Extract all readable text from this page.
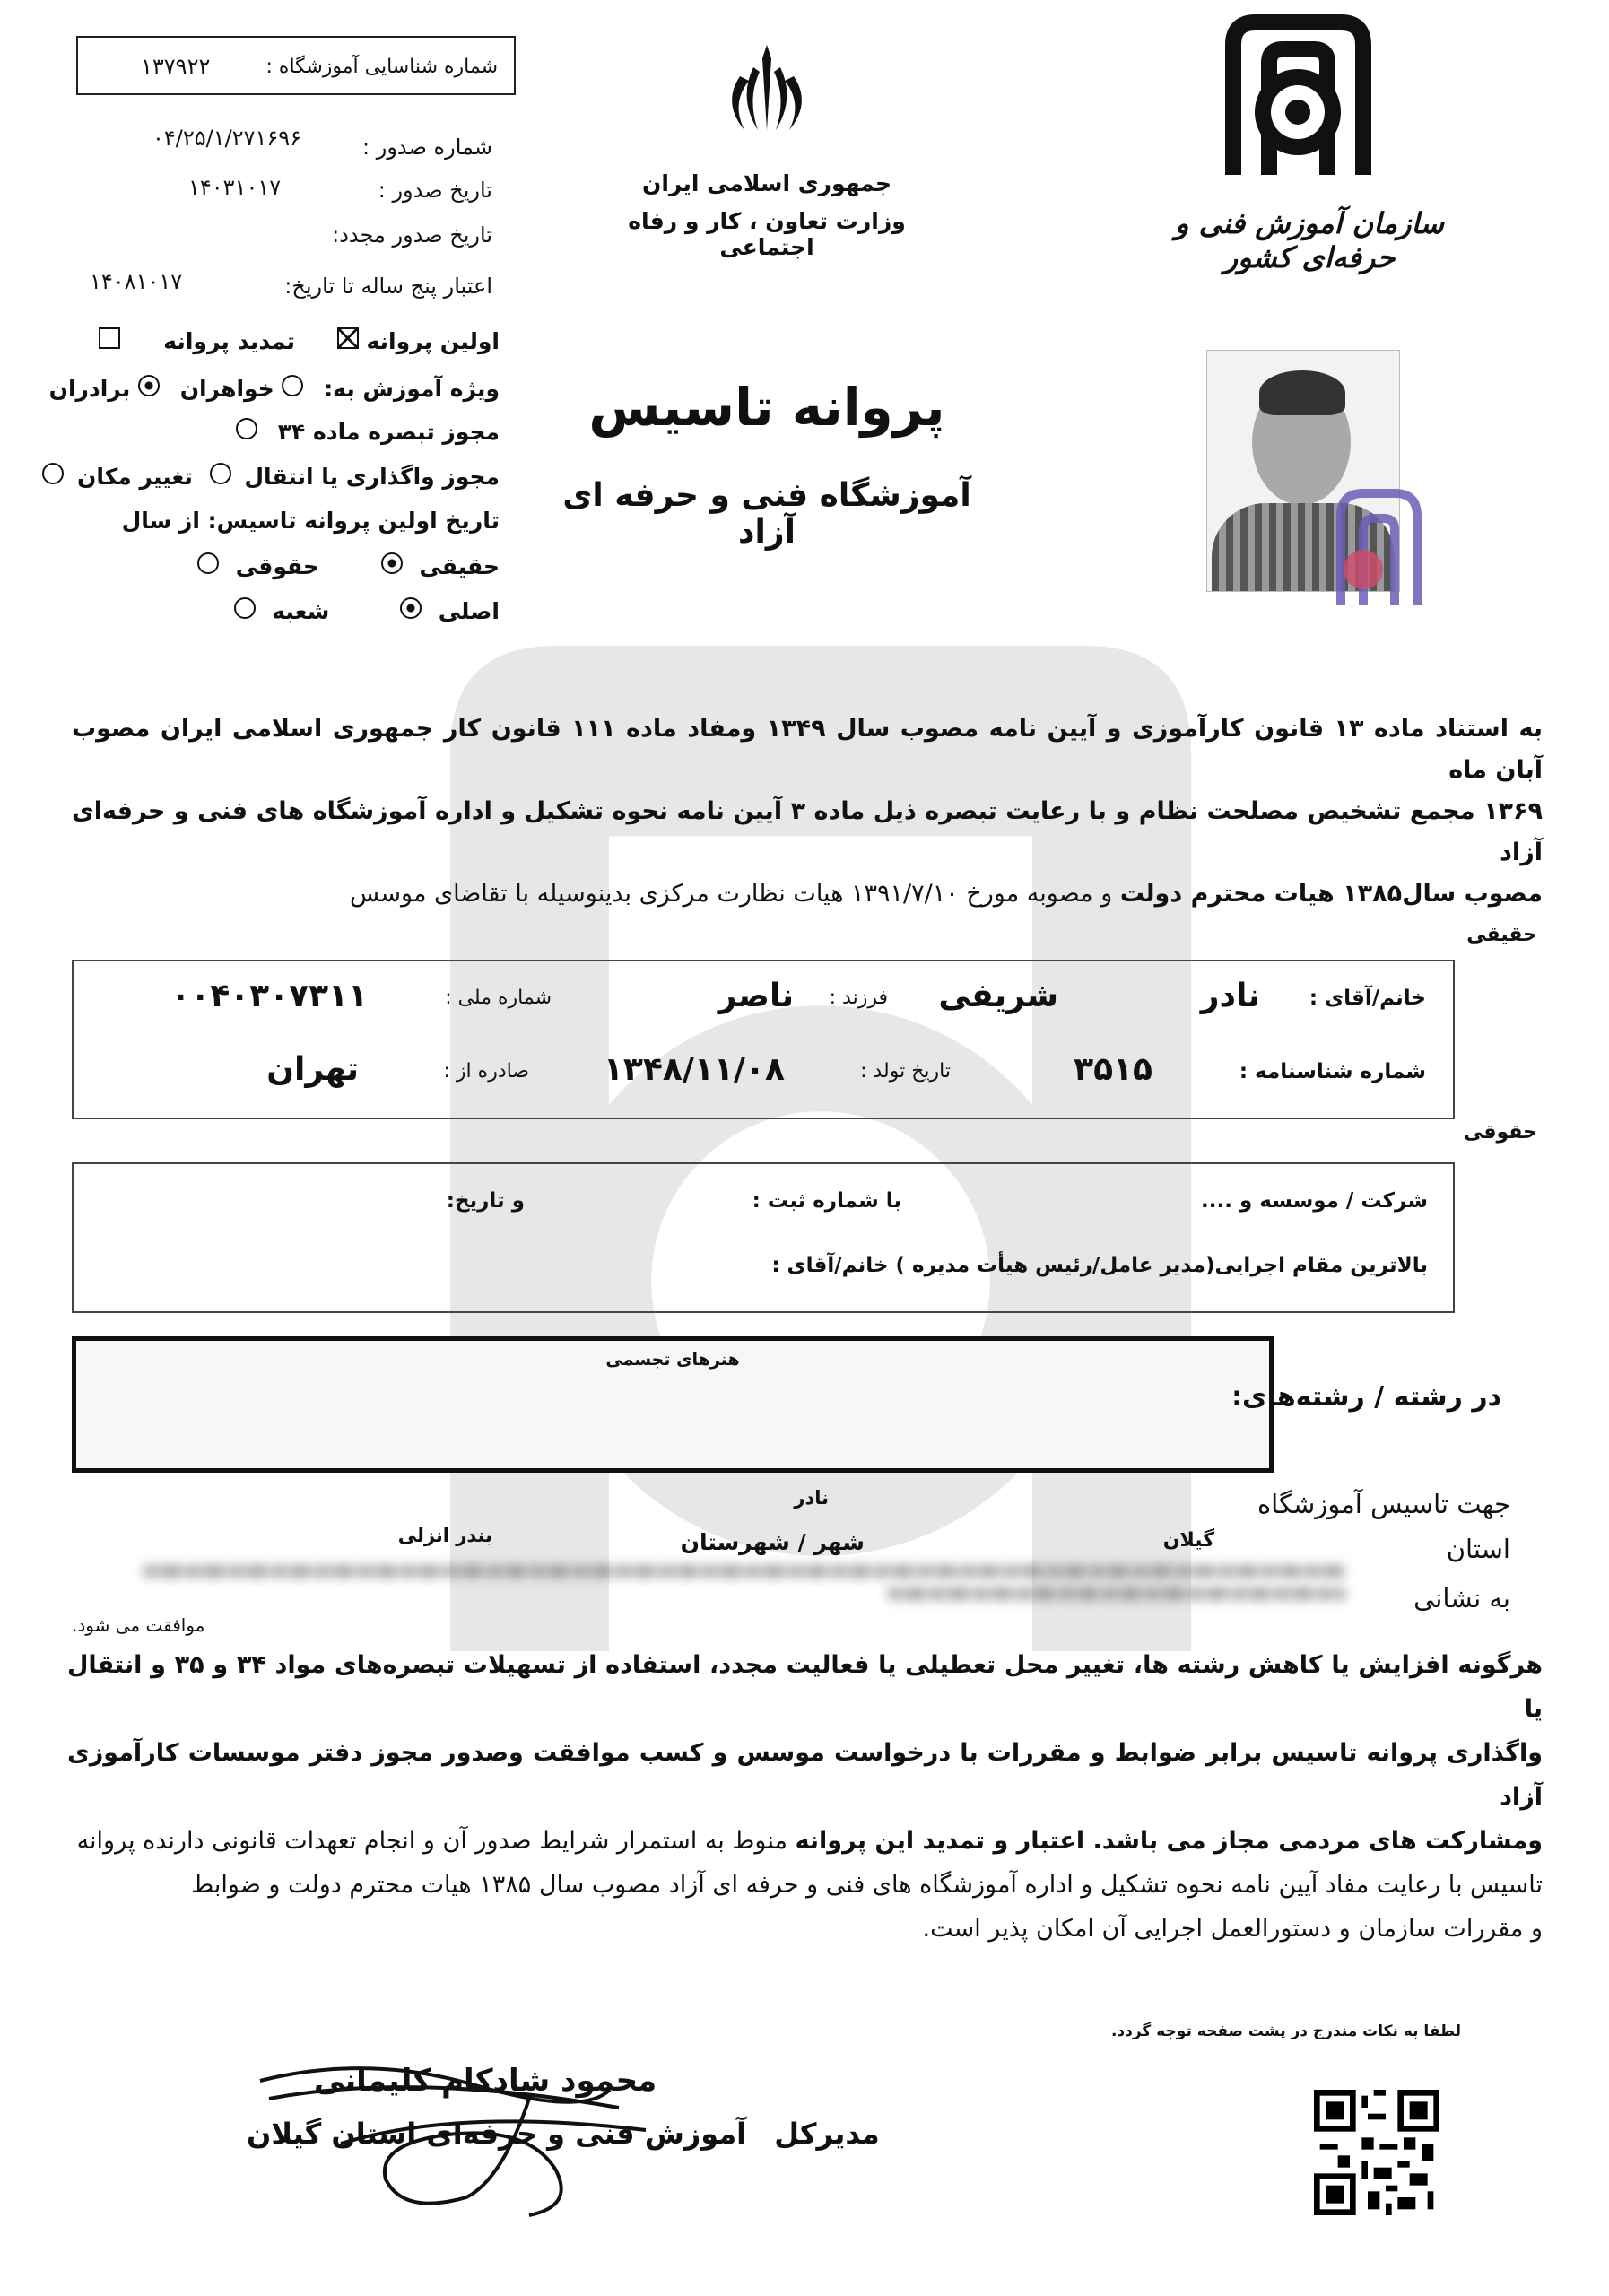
شماره شناسایی آموزشگاه :
۱۳۷۹۲۲
شماره صدور :
۰۴/۲۵/۱/۲۷۱۶۹۶
تاریخ صدور :
۱۴۰۳۱۰۱۷
تاریخ صدور مجدد:
اعتبار پنج ساله تا تاریخ:
۱۴۰۸۱۰۱۷
اولین پروانه
تمدید پروانه
ویژه آموزش به:  خواهران  برادران
مجوز تبصره ماده ۳۴
مجوز واگذاری یا انتقال  تغییر مکان
تاریخ اولین پروانه تاسیس: از سال
حقیقی  حقوقی
اصلی  شعبه
جمهوری اسلامی ایران
وزارت تعاون ، کار و رفاه اجتماعی
سازمان آموزش فنی و حرفه‌ای کشور
پروانه تاسیس
آموزشگاه فنی و حرفه ای آزاد
به استناد ماده ۱۳ قانون کارآموزی و آیین نامه مصوب سال ۱۳۴۹ ومفاد ماده ۱۱۱ قانون کار جمهوری اسلامی ایران مصوب آبان ماه
۱۳۶۹ مجمع تشخیص مصلحت نظام و با رعایت تبصره ذیل ماده ۳ آیین نامه نحوه تشکیل و اداره آموزشگاه های فنی و حرفه‌ای آزاد
مصوب سال۱۳۸۵ هیات محترم دولت و مصوبه مورخ ۱۳۹۱/۷/۱۰ هیات نظارت مرکزی بدینوسیله با تقاضای موسس
حقیقی
خانم/آقای :
نادر
شریفی
فرزند :
ناصر
شماره ملی :
۰۰۴۰۳۰۷۳۱۱
شماره شناسنامه :
۳۵۱۵
تاریخ تولد :
۱۳۴۸/۱۱/۰۸
صادره از :
تهران
حقوقی
شرکت / موسسه و ....
با شماره ثبت :
و تاریخ:
بالاترین مقام اجرایی(مدیر عامل/رئیس هیأت مدیره ) خانم/آقای :
هنرهای تجسمی
در رشته / رشته‌های:
جهت تاسیس آموزشگاه
نادر
استان
گیلان
شهر / شهرستان
بندر انزلی
به نشانی
موافقت می شود.
هرگونه افزایش یا کاهش رشته ها، تغییر محل تعطیلی یا فعالیت مجدد، استفاده از تسهیلات تبصره‌های مواد ۳۴ و ۳۵ و انتقال یا
واگذاری پروانه تاسیس برابر ضوابط و مقررات با درخواست موسس و کسب موافقت وصدور مجوز دفتر موسسات کارآموزی آزاد
ومشارکت های مردمی مجاز می باشد. اعتبار و تمدید این پروانه منوط به استمرار شرایط صدور آن و انجام تعهدات قانونی دارنده پروانه
تاسیس با رعایت مفاد آیین نامه نحوه تشکیل و اداره آموزشگاه های فنی و حرفه ای آزاد مصوب سال ۱۳۸۵ هیات محترم دولت و ضوابط
و مقررات سازمان و دستورالعمل اجرایی آن امکان پذیر است.
لطفا به نکات مندرج در پشت صفحه توجه گردد.
محمود شادکام کلیمانی
مدیرکل آموزش فنی و حرفه‌ای استان گیلان
